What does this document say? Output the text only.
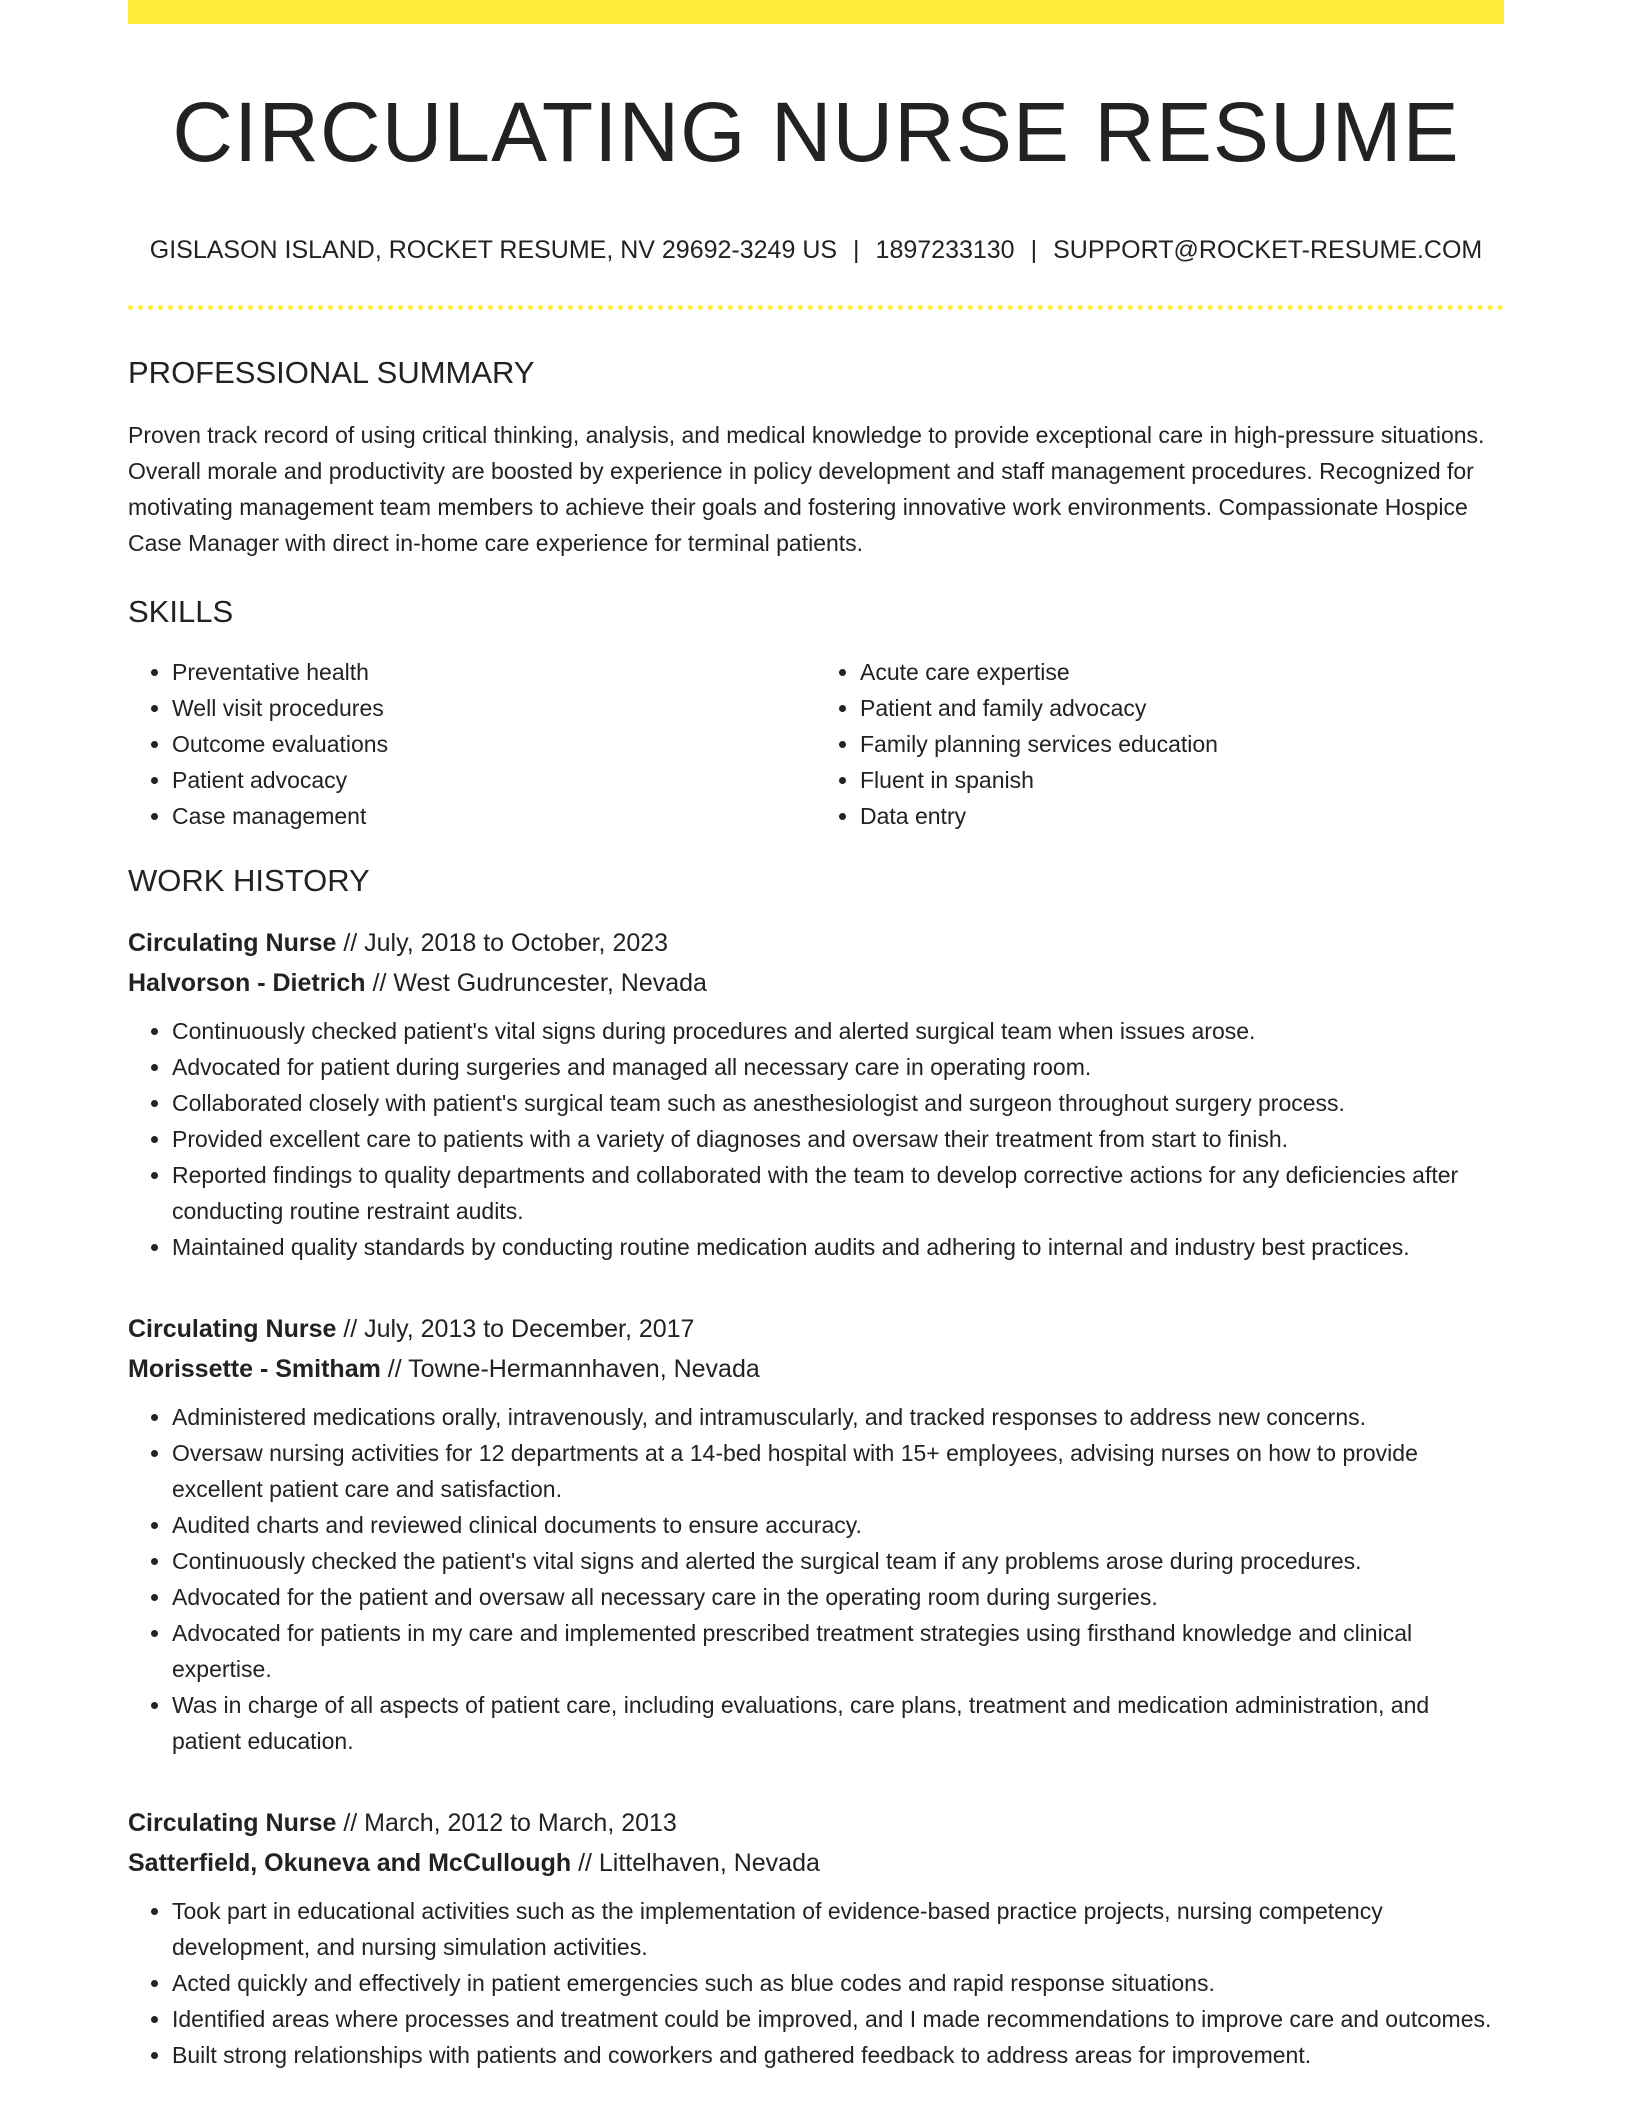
CIRCULATING NURSE RESUME
GISLASON ISLAND, ROCKET RESUME, NV 29692-3249 US | 1897233130 | SUPPORT@ROCKET-RESUME.COM
PROFESSIONAL SUMMARY
Proven track record of using critical thinking, analysis, and medical knowledge to provide exceptional care in high-pressure situations. Overall morale and productivity are boosted by experience in policy development and staff management procedures. Recognized for motivating management team members to achieve their goals and fostering innovative work environments. Compassionate Hospice Case Manager with direct in-home care experience for terminal patients.
SKILLS
• Preventative health
• Well visit procedures
• Outcome evaluations
• Patient advocacy
• Case management
• Acute care expertise
• Patient and family advocacy
• Family planning services education
• Fluent in spanish
• Data entry
WORK HISTORY
Circulating Nurse // July, 2018 to October, 2023
Halvorson - Dietrich // West Gudruncester, Nevada
• Continuously checked patient's vital signs during procedures and alerted surgical team when issues arose.
• Advocated for patient during surgeries and managed all necessary care in operating room.
• Collaborated closely with patient's surgical team such as anesthesiologist and surgeon throughout surgery process.
• Provided excellent care to patients with a variety of diagnoses and oversaw their treatment from start to finish.
• Reported findings to quality departments and collaborated with the team to develop corrective actions for any deficiencies after conducting routine restraint audits.
• Maintained quality standards by conducting routine medication audits and adhering to internal and industry best practices.
Circulating Nurse // July, 2013 to December, 2017
Morissette - Smitham // Towne-Hermannhaven, Nevada
• Administered medications orally, intravenously, and intramuscularly, and tracked responses to address new concerns.
• Oversaw nursing activities for 12 departments at a 14-bed hospital with 15+ employees, advising nurses on how to provide excellent patient care and satisfaction.
• Audited charts and reviewed clinical documents to ensure accuracy.
• Continuously checked the patient's vital signs and alerted the surgical team if any problems arose during procedures.
• Advocated for the patient and oversaw all necessary care in the operating room during surgeries.
• Advocated for patients in my care and implemented prescribed treatment strategies using firsthand knowledge and clinical expertise.
• Was in charge of all aspects of patient care, including evaluations, care plans, treatment and medication administration, and patient education.
Circulating Nurse // March, 2012 to March, 2013
Satterfield, Okuneva and McCullough // Littelhaven, Nevada
• Took part in educational activities such as the implementation of evidence-based practice projects, nursing competency development, and nursing simulation activities.
• Acted quickly and effectively in patient emergencies such as blue codes and rapid response situations.
• Identified areas where processes and treatment could be improved, and I made recommendations to improve care and outcomes.
• Built strong relationships with patients and coworkers and gathered feedback to address areas for improvement.
